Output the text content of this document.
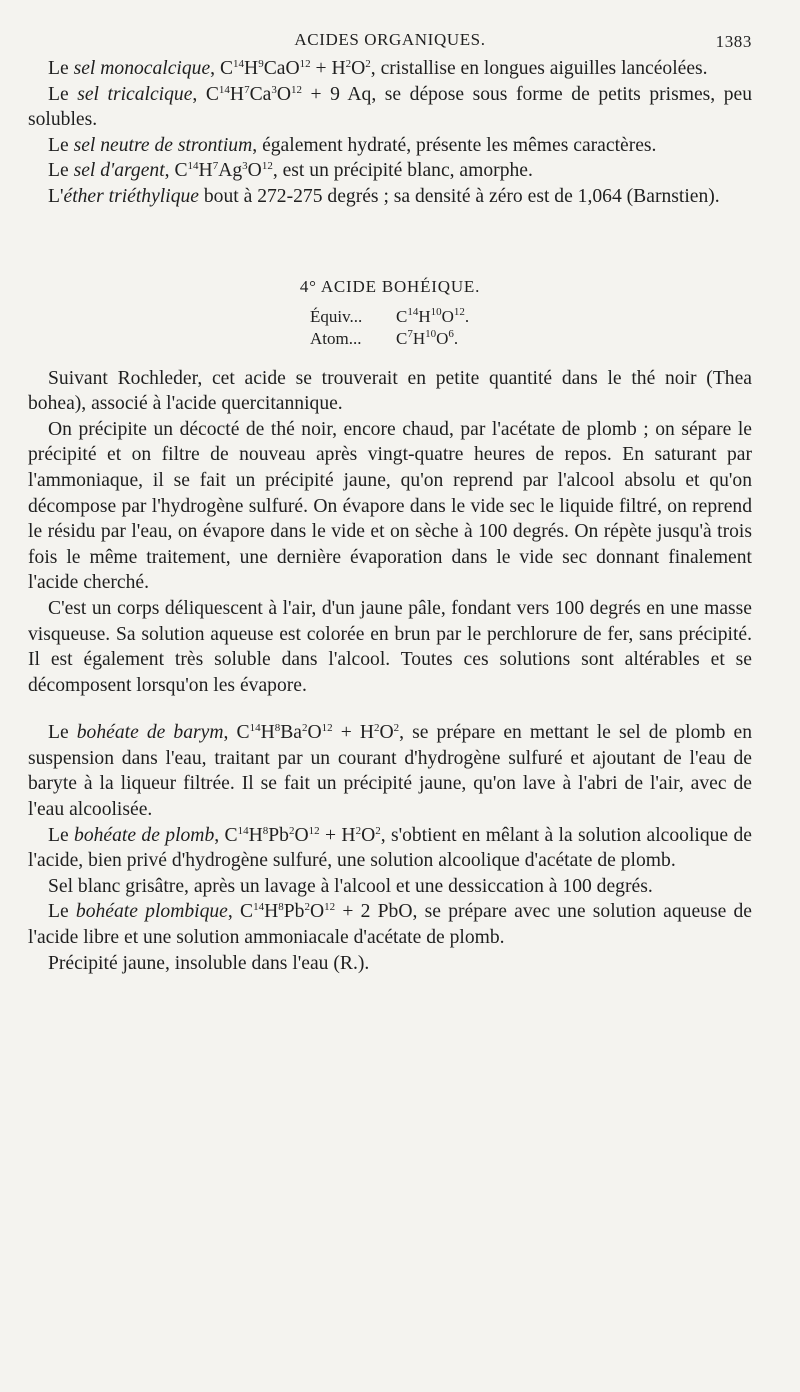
ACIDES ORGANIQUES.	1383

Le sel monocalcique, $C^{14}H^9CaO^{12} + H^2O^2$, cristallise en longues aiguilles lancéolées.

Le sel tricalcique, $C^{14}H^7Ca^3O^{12} + 9$ Aq, se dépose sous forme de petits prismes, peu solubles.

Le sel neutre de strontium, également hydraté, présente les mêmes caractères.

Le sel d'argent, $C^{14}H^7Ag^3O^{12}$, est un précipité blanc, amorphe.

L'éther triéthylique bout à 272-275 degrés ; sa densité à zéro est de 1,064 (Barnstien).

4° ACIDE BOHÉIQUE.
Équiv...	$C^{14}H^{10}O^{12}$.
Atom...	$C^7H^{10}O^6$.

Suivant Rochleder, cet acide se trouverait en petite quantité dans le thé noir (Thea bohea), associé à l'acide quercitannique.

On précipite un décocté de thé noir, encore chaud, par l'acétate de plomb ; on sépare le précipité et on filtre de nouveau après vingt-quatre heures de repos. En saturant par l'ammoniaque, il se fait un précipité jaune, qu'on reprend par l'alcool absolu et qu'on décompose par l'hydrogène sulfuré. On évapore dans le vide sec le liquide filtré, on reprend le résidu par l'eau, on évapore dans le vide et on sèche à 100 degrés. On répète jusqu'à trois fois le même traitement, une dernière évaporation dans le vide sec donnant finalement l'acide cherché.

C'est un corps déliquescent à l'air, d'un jaune pâle, fondant vers 100 degrés en une masse visqueuse. Sa solution aqueuse est colorée en brun par le perchlorure de fer, sans précipité. Il est également très soluble dans l'alcool. Toutes ces solutions sont altérables et se décomposent lorsqu'on les évapore.

Le bohéate de barym, $C^{14}H^8Ba^2O^{12} + H^2O^2$, se prépare en mettant le sel de plomb en suspension dans l'eau, traitant par un courant d'hydrogène sulfuré et ajoutant de l'eau de baryte à la liqueur filtrée. Il se fait un précipité jaune, qu'on lave à l'abri de l'air, avec de l'eau alcoolisée.

Le bohéate de plomb, $C^{14}H^8Pb^2O^{12} + H^2O^2$, s'obtient en mêlant à la solution alcoolique de l'acide, bien privé d'hydrogène sulfuré, une solution alcoolique d'acétate de plomb.

Sel blanc grisâtre, après un lavage à l'alcool et une dessiccation à 100 degrés.

Le bohéate plombique, $C^{14}H^8Pb^2O^{12} + 2$ PbO, se prépare avec une solution aqueuse de l'acide libre et une solution ammoniacale d'acétate de plomb.

Précipité jaune, insoluble dans l'eau (R.).
